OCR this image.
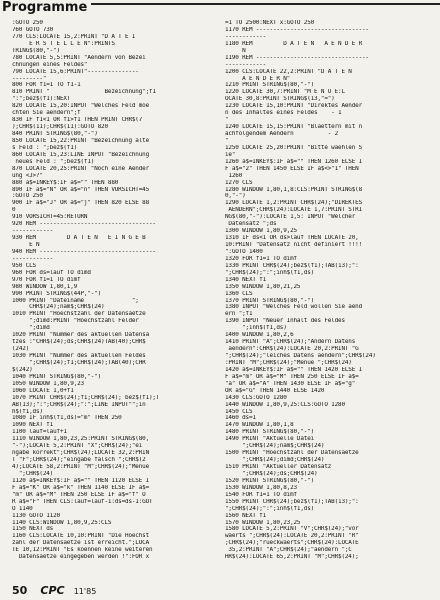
Programme
:GOTO 250
760 GOTO 730
770 CLS:LOCATE 15,2:PRINT "D A T E I
E R S T E L L E N":PRINTS
TRING$(80,"-")
780 LOCATE 5,5:PRINT "Aendern von Bezei
chnungen eines Feldes"
790 LOCATE 15,6:PRINT"---------------
---------"
800 FOR f1=1 TO f1-1
810 PRINT "                Bezeichnung";f1
":";bez$(f1):NEXT
820 LOCATE 15,20:INPUT "Welches Feld moe
chten Sie aendern";f
830 IF f1<1 OR f1>f1 THEN PRINT CHR$(7
);CHR$(11);CHR$(11):GOTO 820
840 PRINT STRING$(80,"-")
850 LOCATE 15,22:PRINT "Bezeichnung alte
s Feld : ";bez$(f1)
860 LOCATE 15,23:LINE INPUT "Bezeichnung
neues Feld : ";bez$(f1)
870 LOCATE 20,25:PRINT "Noch eine Aender
ung <J>?"
880 a$=INKEY$:IF a$="" THEN 880
890 IF a$="N" OR a$="n" THEN VORSICHT=45
:GOTO 250
900 IF a$="J" OR a$="j" THEN 820 ELSE 88
0
910 VORSICHT=45:RETURN
920 REM ----------------------------------
------------
930 REM         D A T E N   E I N G E B
E N
940 REM ----------------------------------
------------
950 CLS
960 FOR ds=lauf TO dimd
970 FOR f1=1 TO dimf
980 WINDOW 1,80,1,9
990 PRINT STRING$(44P,"-")
1000 PRINT "Dateiname              ";
CHR$(24);nam$;CHR$(24)
1010 PRINT "Hoechstzahl der Datensaetze
";dimd:PRINT "Hoechstzahl Felder
";dimd
1020 PRINT "Nummer des aktuellen Datensa
tzes :"CHR$(24);ds;CHR$(24)TAB(40);CHR$
(242)
1030 PRINT "Nummer des aktuellen Feldes
";CHR$(24);f1;CHR$(24);TAB(40);CHR
$(242)
1040 PRINT STRING$(80,"-")
1050 WINDOW 1,80,9,23
1060 LOCATE 1,0+f1
1070 PRINT CHR$(24);f1;CHR$(24); bez$(f1);T
AB(13);":";CHR$(24);":";LINE INPUT"";in
h$(f1,ds)
1080 IF inh$(f1,ds)="m" THEN 250
1090 NEXT f1
1100 lauf=lauf+1
1110 WINDOW 1,80,23,25:PRINT STRING$(80,
"-");LOCATE 5,2:PRINT "X";CHR$(24);"ei
ngabe korrekt";CHR$(24);LOCATE 32,2:PRIN
T "F";CHR$(24);"eingabe falsch ";CHR$(2
4);LOCATE 58,2:PRINT "M";CHR$(24);"Menue
";CHR$(24)
1120 a$=INKEY$:IF a$="" THEN 1120 ELSE I
F a$="K" OR a$="k" THEN 1140 ELSE IF a$=
"m" OR a$="M" THEN 250 ELSE IF a$="f" O
R a$="F" THEN CLS:lauf=lauf-1:ds=ds-1:GOT
O 1140
1130 GOTO 1120
1140 CLS:WINDOW 1,80,9,25:CLS
1150 NEXT ds
1160 CLS:LOCATE 10,10:PRINT "Die Hoechst
zahl der Datensaetze ist erreicht.";LOCA
TE 10,12:PRINT "Es koennen keine weiteren
Datensaetze eingegeben werden !":FOR x
=1 TO 2500:NEXT x:GOTO 250
1170 REM ---------------------------------
------------
1180 REM         D A T E N   A E N D E R
N
1190 REM ---------------------------------
------------
1200 CLS:LOCATE 22,2:PRINT "D A T E N
A E N D E R N"
1210 PRINT STRING$(80,"-")
1220 LOCATE 30,7:PRINT "M E N U E:L
OCATE 30,8:PRINT STRING$(13,"=")
1230 LOCATE 15,10:PRINT "Direktes Aender
n des Inhaltes eines Feldes    - 1
"
1240 LOCATE 15,15:PRINT "Blaettern mit n
achfolgendem Aendern          - 2
"
1250 LOCATE 25,20:PRINT "Bitte waehlen S
ie"
1260 a$=INKEY$:IF a$="" THEN 1260 ELSE I
F a$="2" THEN 1450 ELSE IF a$<>"1" THEN
1260
1270 CLS
1280 WINDOW 1,80,1,8:CLS:PRINT STRING$(8
0,"-")
1290 LOCATE 1,2:PRINT CHR$(24);"DIREKTES
AENDERN";CHR$(24):LOCATE 1,7:PRINT STRI
NG$(80,"-"):LOCATE 1,5: INPUT "Welcher
Datensatz ";ds
1300 WINDOW 1,80,9,25
1310 IF ds<1 OR ds>lauf THEN LOCATE 20,
10:PRINT "Datensatz nicht definiert !!!!
":GOTO 1400
1320 FOR f1=1 TO dimf
1330 PRINT CHR$(24);bez$(f1);TAB(13);":
";CHR$(24);":";inh$(f1,ds)
1340 NEXT f1
1350 WINDOW 1,80,21,25
1360 CLS
1370 PRINT STRING$(80,"-")
1380 INPUT "Welches Feld wollen Sie aend
ern ";f1
1390 INPUT "Neuer Inhalt des Feldes
";inh$(f1,ds)
1400 WINDOW 1,80,2,6
1410 PRINT "A";CHR$(24);"Andern Datens
aendern":CHR$(24):LOCATE 20,2:PRINT "G
";CHR$(24);"leiches Datens aendern";CHR$(24)
:PRINT "M";CHR$(24);"Menue ";CHR$(24)
1420 a$=INKEY$:IF a$="" THEN 1420 ELSE I
F a$="m" OR a$="M" THEN 250 ELSE IF a$=
"a" OR a$="A" THEN 1430 ELSE IF a$="g"
OR a$="G" THEN 1440 ELSE 1420
1430 CLS:GOTO 1280
1440 WINDOW 1,80,9,25:CLS:GOTO 1280
1450 CLS
1460 ds=1
1470 WINDOW 1,80,1,8
1480 PRINT STRING$(80,"-")
1490 PRINT "Aktuelle Datei
";CHR$(24);nam$;CHR$(24)
1500 PRINT "Hoechstzahl der Datensaetze
";CHR$(24);dimd;CHR$(24)
1510 PRINT "Aktueller Datensatz
";CHR$(24);ds;CHR$(24)
1520 PRINT STRING$(80,"-")
1530 WINDOW 1,80,8,23
1540 FOR f1=1 TO dimf
1550 PRINT CHR$(24);bez$(f1);TAB(13);":
";CHR$(24);":";inh$(f1,ds)
1560 NEXT f1
1570 WINDOW 1,80,23,25
1580 LOCATE 5,2:PRINT "V";CHR$(24);"vor
waerts ";CHR$(24):LOCATE 20,2:PRINT "R"
;CHR$(24);"rueckwaerts";CHR$(24):LOCATE
35,2:PRINT "A";CHR$(24);"aendern ";C
HR$(24):LOCATE 65,2:PRINT "M";CHR$(24);
50 CPC 11'85
